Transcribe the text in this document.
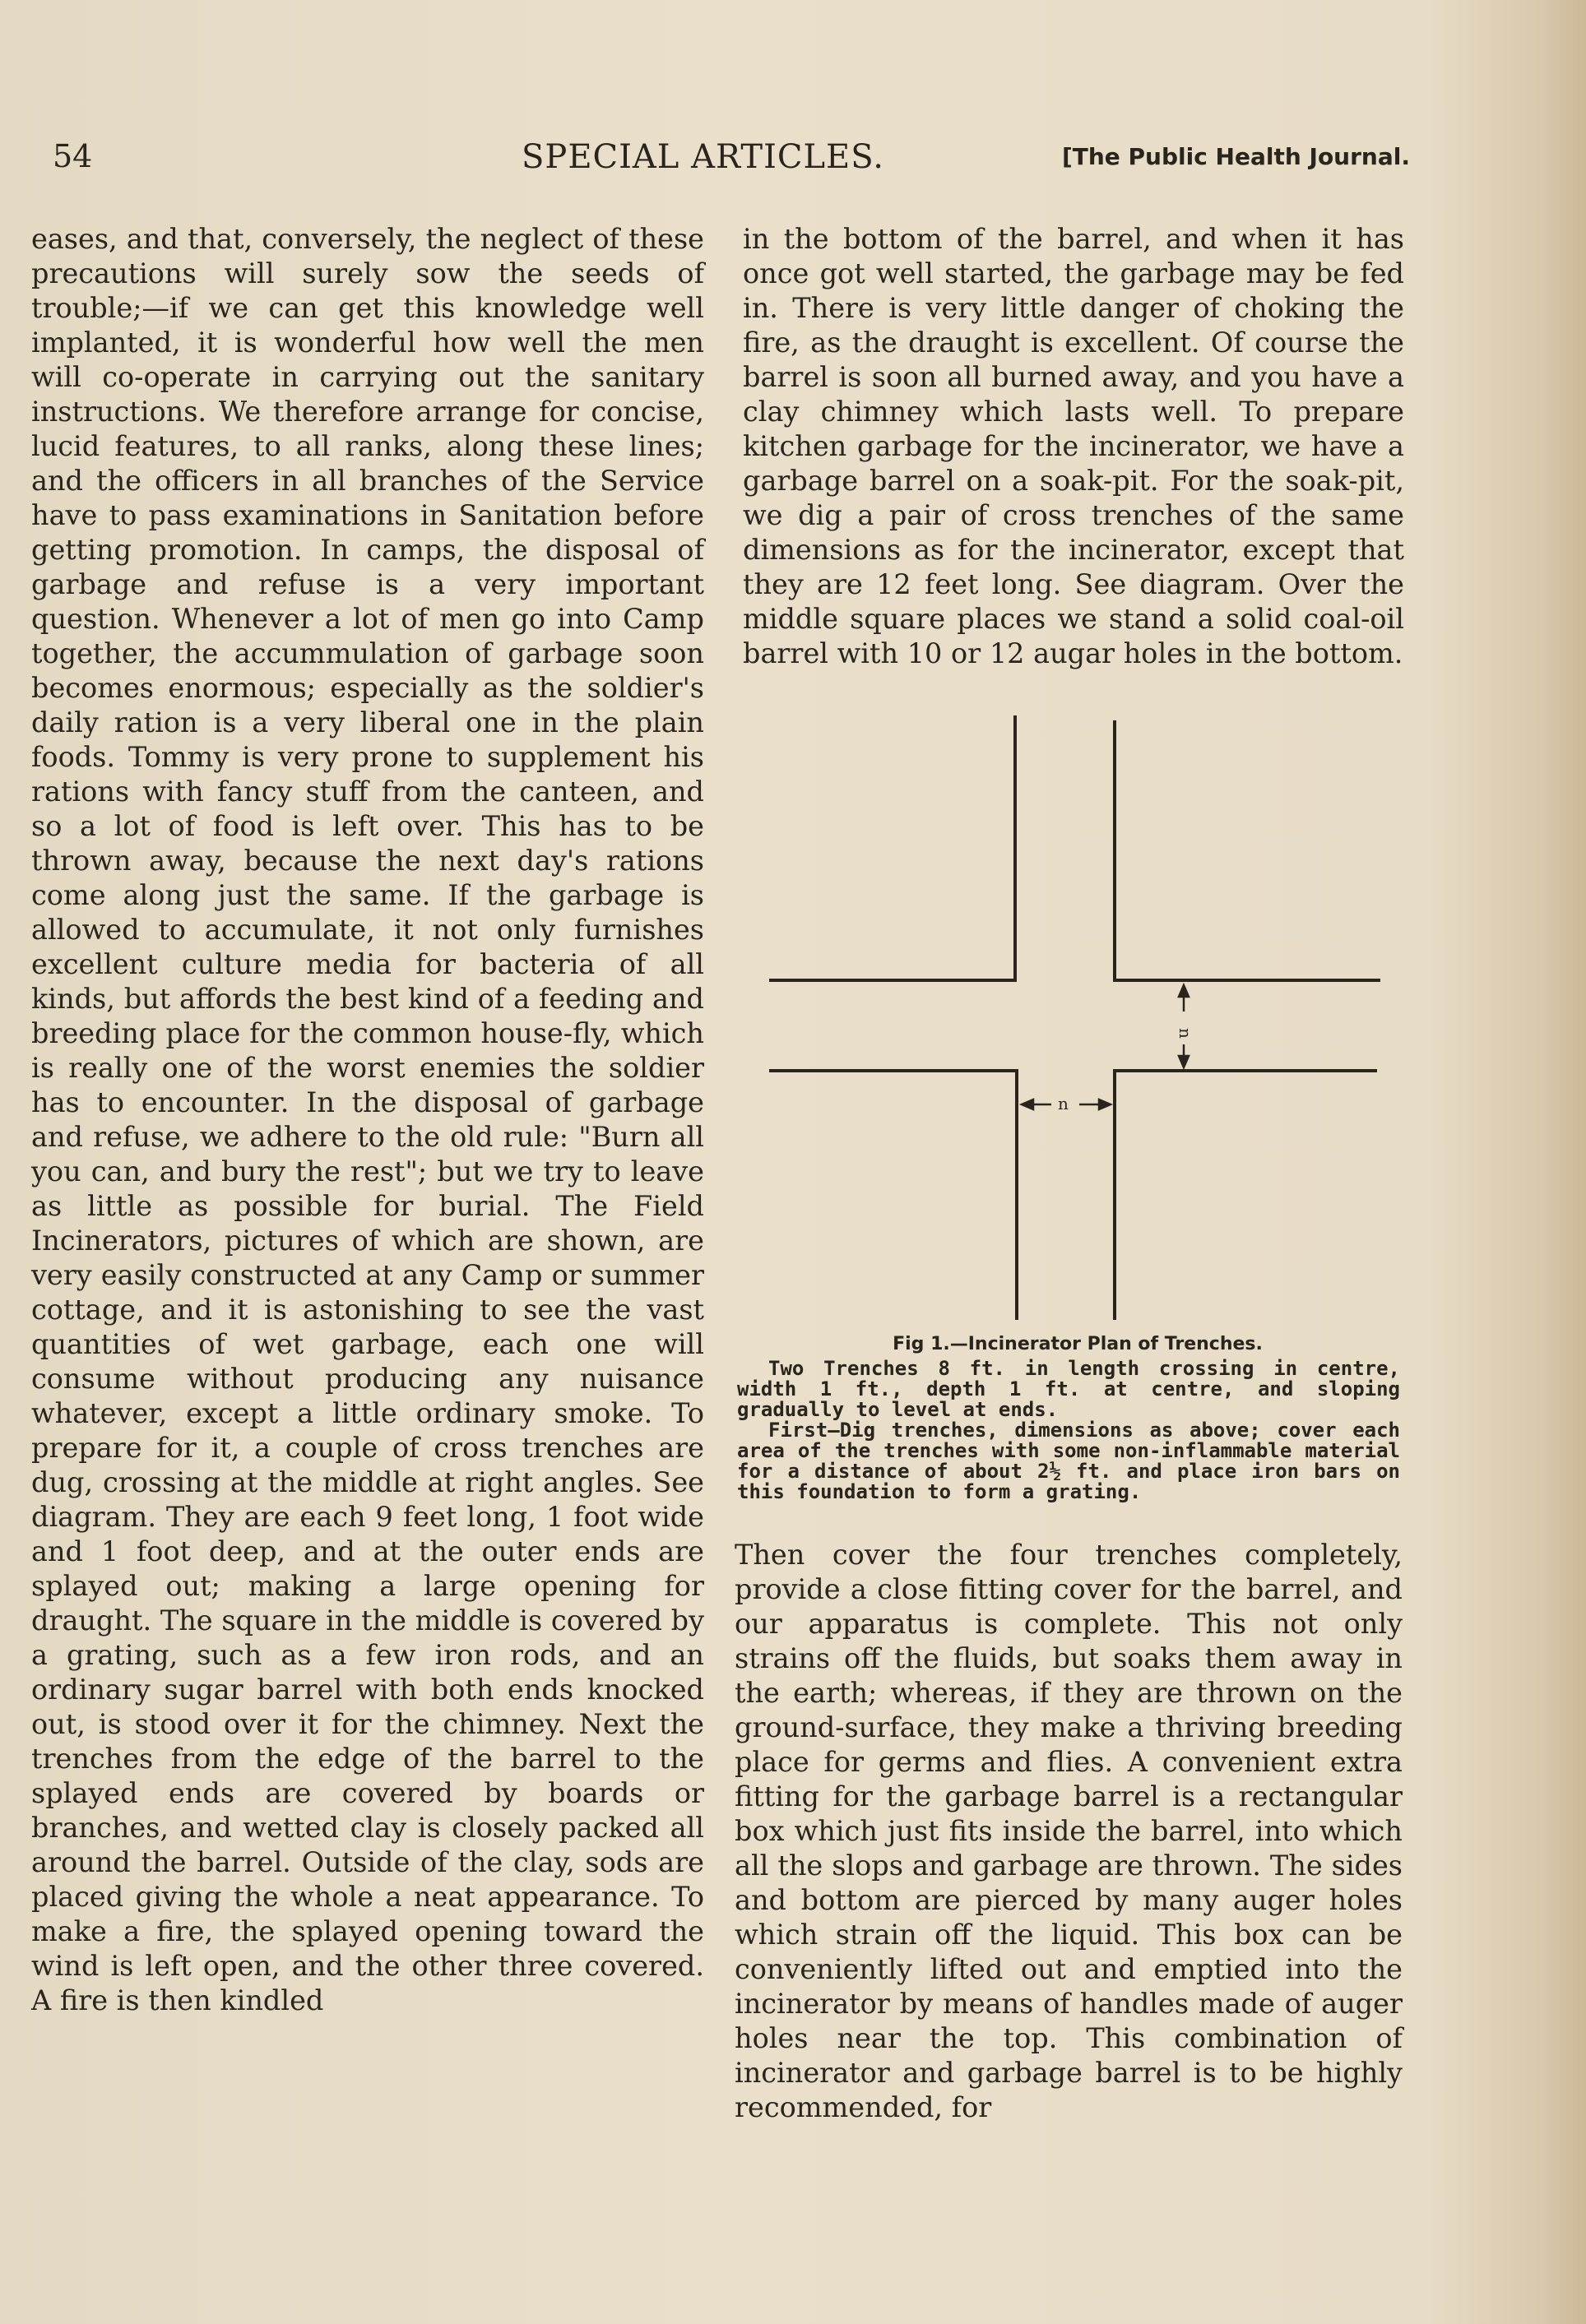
54	SPECIAL ARTICLES.	[The Public Health Journal.

eases, and that, conversely, the neglect of these precautions will surely sow the seeds of trouble;—if we can get this knowledge well implanted, it is wonderful how well the men will co-operate in carrying out the sanitary instructions. We therefore arrange for concise, lucid features, to all ranks, along these lines; and the officers in all branches of the Service have to pass examinations in Sanitation before getting promotion. In camps, the disposal of garbage and refuse is a very important question. Whenever a lot of men go into Camp together, the accummulation of garbage soon becomes enormous; especially as the soldier's daily ration is a very liberal one in the plain foods. Tommy is very prone to supplement his rations with fancy stuff from the canteen, and so a lot of food is left over. This has to be thrown away, because the next day's rations come along just the same. If the garbage is allowed to accumulate, it not only furnishes excellent culture media for bacteria of all kinds, but affords the best kind of a feeding and breeding place for the common house-fly, which is really one of the worst enemies the soldier has to encounter. In the disposal of garbage and refuse, we adhere to the old rule: "Burn all you can, and bury the rest"; but we try to leave as little as possible for burial. The Field Incinerators, pictures of which are shown, are very easily constructed at any Camp or summer cottage, and it is astonishing to see the vast quantities of wet garbage, each one will consume without producing any nuisance whatever, except a little ordinary smoke. To prepare for it, a couple of cross trenches are dug, crossing at the middle at right angles. See diagram. They are each 9 feet long, 1 foot wide and 1 foot deep, and at the outer ends are splayed out; making a large opening for draught. The square in the middle is covered by a grating, such as a few iron rods, and an ordinary sugar barrel with both ends knocked out, is stood over it for the chimney. Next the trenches from the edge of the barrel to the splayed ends are covered by boards or branches, and wetted clay is closely packed all around the barrel. Outside of the clay, sods are placed giving the whole a neat appearance. To make a fire, the splayed opening toward the wind is left open, and the other three covered. A fire is then kindled

in the bottom of the barrel, and when it has once got well started, the garbage may be fed in. There is very little danger of choking the fire, as the draught is excellent. Of course the barrel is soon all burned away, and you have a clay chimney which lasts well. To prepare kitchen garbage for the incinerator, we have a garbage barrel on a soak-pit. For the soak-pit, we dig a pair of cross trenches of the same dimensions as for the incinerator, except that they are 12 feet long. See diagram. Over the middle square places we stand a solid coal-oil barrel with 10 or 12 augar holes in the bottom.

n
n
Fig 1.—Incinerator Plan of Trenches.

Two Trenches 8 ft. in length crossing in centre, width 1 ft., depth 1 ft. at centre, and sloping gradually to level at ends.

First—Dig trenches, dimensions as above; cover each area of the trenches with some non-inflammable material for a distance of about 2½ ft. and place iron bars on this foundation to form a grating.

Then cover the four trenches completely, provide a close fitting cover for the barrel, and our apparatus is complete. This not only strains off the fluids, but soaks them away in the earth; whereas, if they are thrown on the ground-surface, they make a thriving breeding place for germs and flies. A convenient extra fitting for the garbage barrel is a rectangular box which just fits inside the barrel, into which all the slops and garbage are thrown. The sides and bottom are pierced by many auger holes which strain off the liquid. This box can be conveniently lifted out and emptied into the incinerator by means of handles made of auger holes near the top. This combination of incinerator and garbage barrel is to be highly recommended, for
